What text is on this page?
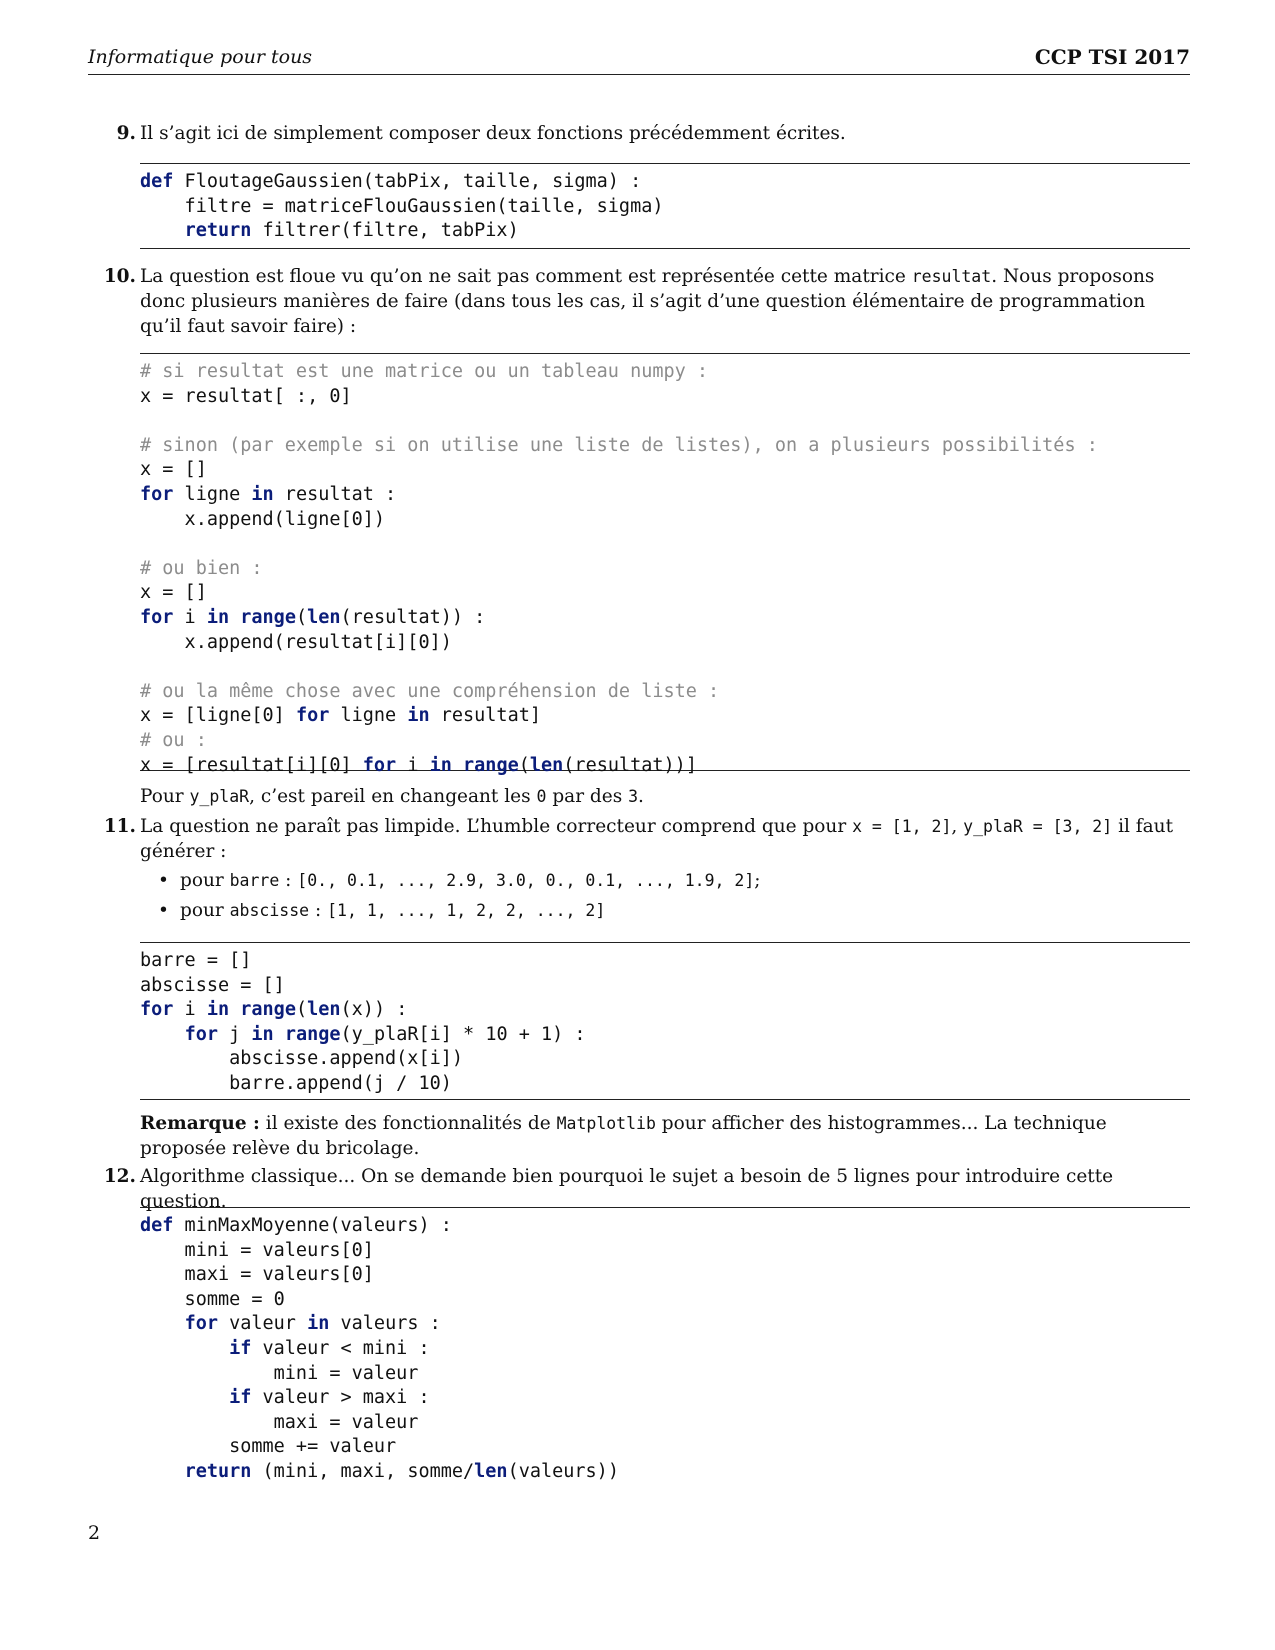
Informatique pour tous	CCP TSI 2017
9. Il s’agit ici de simplement composer deux fonctions précédemment écrites.
def FloutageGaussien(tabPix, taille, sigma) :
filtre = matriceFlouGaussien(taille, sigma)
return filtrer(filtre, tabPix)
10. La question est floue vu qu’on ne sait pas comment est représentée cette matrice resultat. Nous proposons donc plusieurs manières de faire (dans tous les cas, il s’agit d’une question élémentaire de programmation qu’il faut savoir faire) :
# si resultat est une matrice ou un tableau numpy :
x = resultat[ :, 0]

# sinon (par exemple si on utilise une liste de listes), on a plusieurs possibilités :
x = []
for ligne in resultat :
x.append(ligne[0])

# ou bien :
x = []
for i in range(len(resultat)) :
x.append(resultat[i][0])

# ou la même chose avec une compréhension de liste :
x = [ligne[0] for ligne in resultat]
# ou :
x = [resultat[i][0] for i in range(len(resultat))]
Pour y_plaR, c’est pareil en changeant les 0 par des 3.
11. La question ne paraît pas limpide. L’humble correcteur comprend que pour x = [1, 2], y_plaR = [3, 2] il faut générer :
• pour barre : [0., 0.1, ..., 2.9, 3.0, 0., 0.1, ..., 1.9, 2];
• pour abscisse : [1, 1, ..., 1, 2, 2, ..., 2]
barre = []
abscisse = []
for i in range(len(x)) :
for j in range(y_plaR[i] * 10 + 1) :
abscisse.append(x[i])
barre.append(j / 10)
Remarque : il existe des fonctionnalités de Matplotlib pour afficher des histogrammes... La technique proposée relève du bricolage.
12. Algorithme classique... On se demande bien pourquoi le sujet a besoin de 5 lignes pour introduire cette question.
def minMaxMoyenne(valeurs) :
mini = valeurs[0]
maxi = valeurs[0]
somme = 0
for valeur in valeurs :
if valeur < mini :
mini = valeur
if valeur > maxi :
maxi = valeur
somme += valeur
return (mini, maxi, somme/len(valeurs))
2
